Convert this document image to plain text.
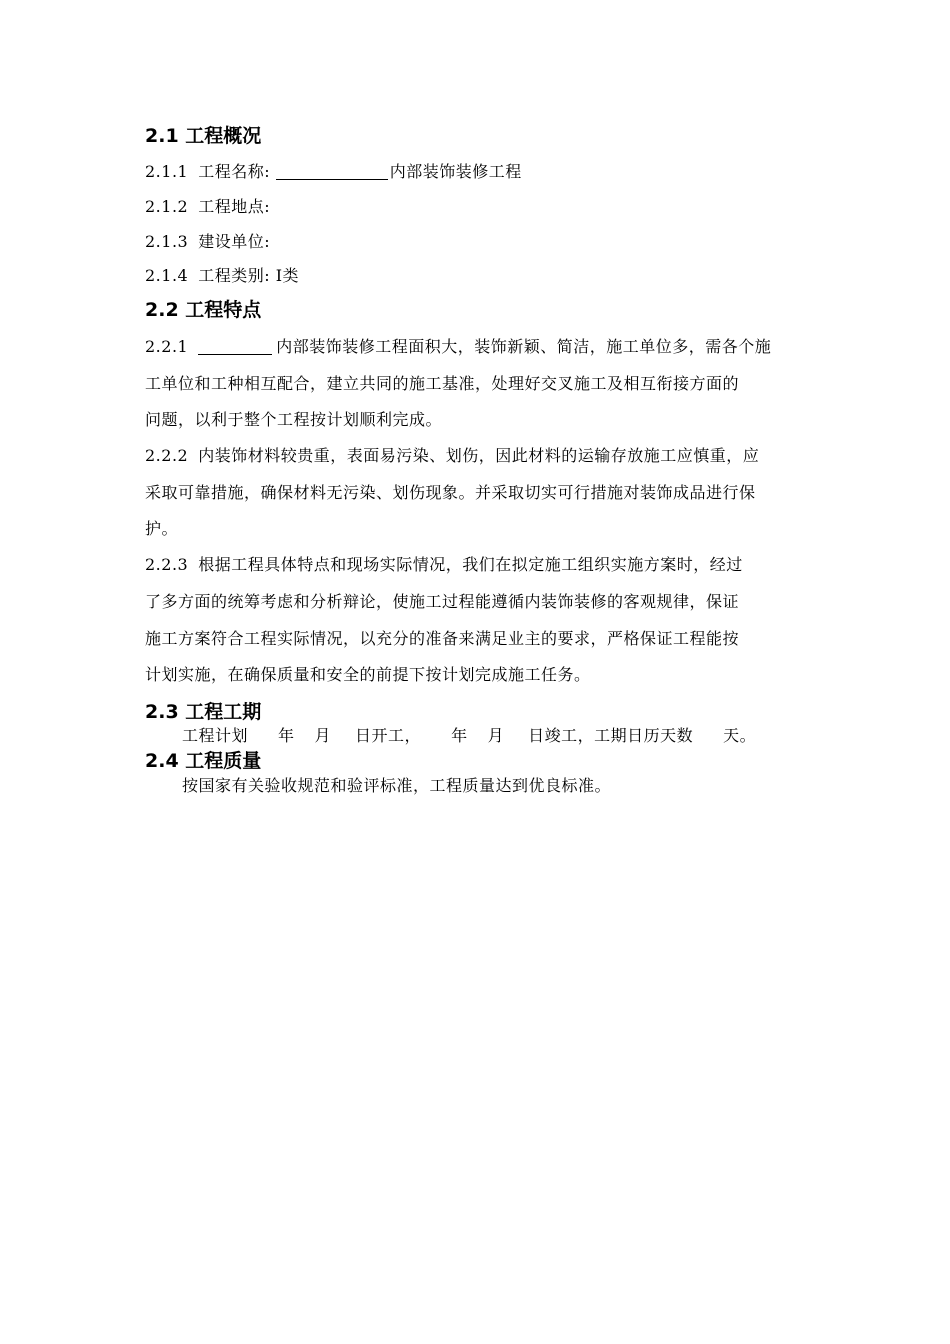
2.1 工程概况
2.1.1 工程名称:	内部装饰装修工程
2.1.2 工程地点:
2.1.3 建设单位:
2.1.4 工程类别: Ⅰ类
2.2 工程特点
2.2.1	内部装饰装修工程面积大，装饰新颖、简洁，施工单位多，需各个施
工单位和工种相互配合，建立共同的施工基准，处理好交叉施工及相互衔接方面的
问题，以利于整个工程按计划顺利完成。
2.2.2 内装饰材料较贵重，表面易污染、划伤，因此材料的运输存放施工应慎重，应
采取可靠措施，确保材料无污染、划伤现象。并采取切实可行措施对装饰成品进行保
护。
2.2.3 根据工程具体特点和现场实际情况，我们在拟定施工组织实施方案时，经过
了多方面的统筹考虑和分析辩论，使施工过程能遵循内装饰装修的客观规律，保证
施工方案符合工程实际情况，以充分的准备来满足业主的要求，严格保证工程能按
计划实施，在确保质量和安全的前提下按计划完成施工任务。
2.3 工程工期
工程计划 年 月 日开工， 年 月 日竣工，工期日历天数 天。
2.4 工程质量
按国家有关验收规范和验评标准，工程质量达到优良标准。
